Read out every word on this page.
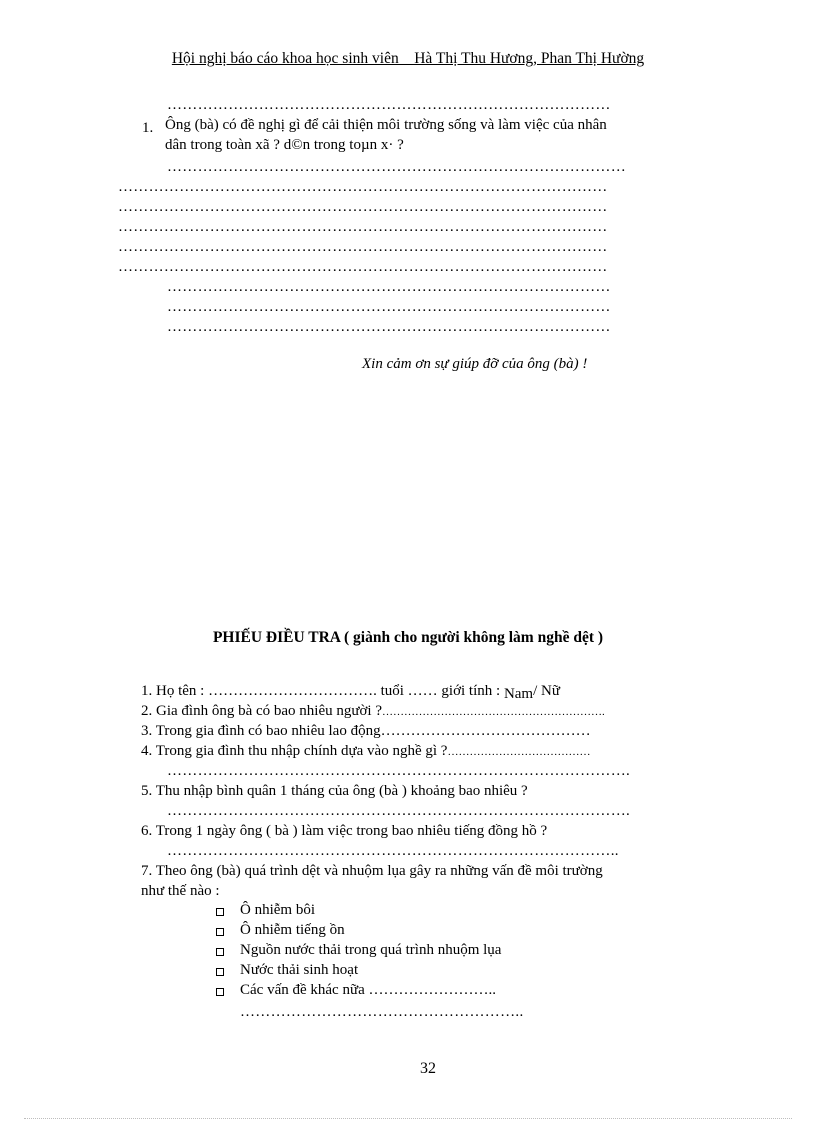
Hội nghị báo cáo khoa học sinh viên _ Hà Thị Thu Hương, Phan Thị Hường
……………………………………………………………………………
1. Ông (bà) có đề nghị gì để cải thiện môi trường sống và làm việc của nhân
dân trong toàn xã ? d©n trong toµn x· ?
………………………………………………………………………………
……………………………………………………………………………………
……………………………………………………………………………………
……………………………………………………………………………………
……………………………………………………………………………………
……………………………………………………………………………………
……………………………………………………………………………
……………………………………………………………………………
……………………………………………………………………………
Xin cảm ơn sự giúp đỡ của ông (bà) !
PHIẾU ĐIỀU TRA ( giành cho người không làm nghề dệt )
1. Họ tên : ……………………………. tuổi …… giới tính : Nam/ Nữ
2. Gia đình ông bà có bao nhiêu người ?…………………………………………………….
3. Trong gia đình có bao nhiêu lao động……………………………………
4. Trong gia đình thu nhập chính dựa vào nghề gì ?…………………………………
……………………………………………………………………………….
5. Thu nhập bình quân 1 tháng của ông (bà ) khoảng bao nhiêu ?
……………………………………………………………………………….
6. Trong 1 ngày ông ( bà ) làm việc trong bao nhiêu tiếng đồng hồ ?
……………………………………………………………………………..
7. Theo ông (bà) quá trình dệt và nhuộm lụa gây ra những vấn đề môi trường
như thế nào :
Ô nhiễm bôi
Ô nhiễm tiếng ồn
Nguồn nước thải trong quá trình nhuộm lụa
Nước thải sinh hoạt
Các vấn đề khác nữa ……………………..
………………………………………………..
32
